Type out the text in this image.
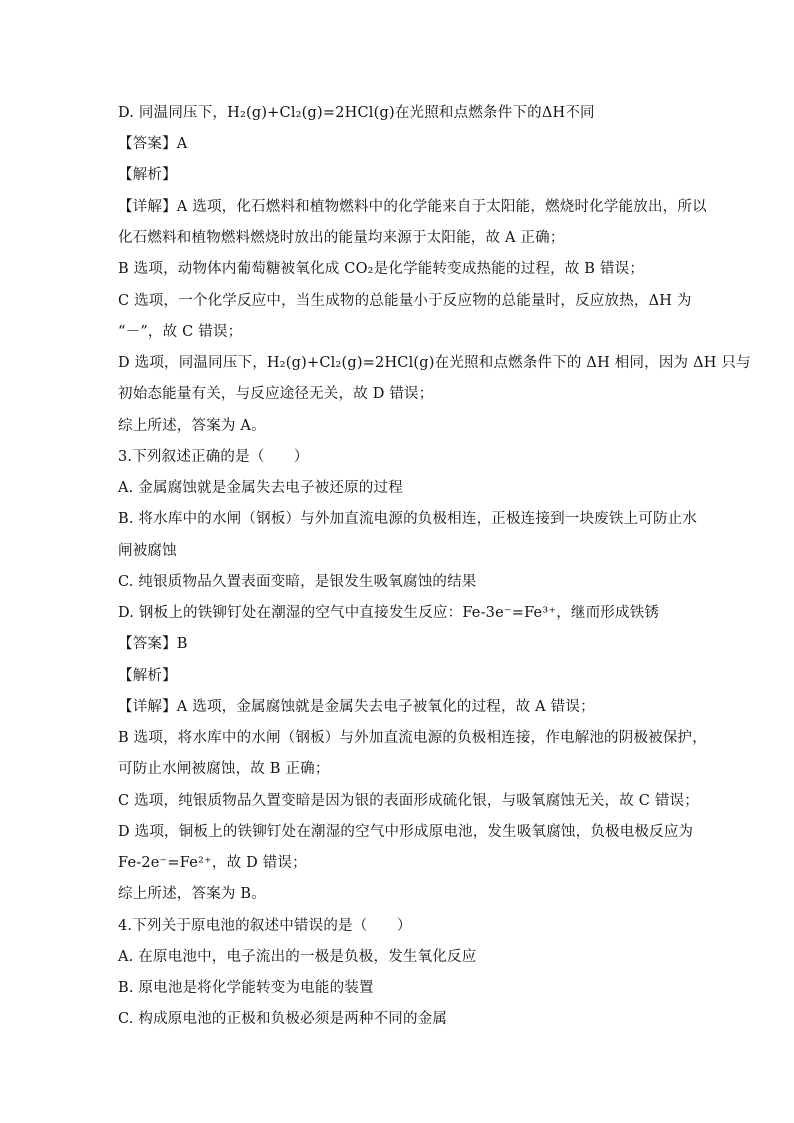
D. 同温同压下，H₂(g)+Cl₂(g)=2HCl(g)在光照和点燃条件下的ΔH不同
【答案】A
【解析】
【详解】A 选项，化石燃料和植物燃料中的化学能来自于太阳能，燃烧时化学能放出，所以
化石燃料和植物燃料燃烧时放出的能量均来源于太阳能，故 A 正确；
B 选项，动物体内葡萄糖被氧化成 CO₂是化学能转变成热能的过程，故 B 错误；
C 选项，一个化学反应中，当生成物的总能量小于反应物的总能量时，反应放热，ΔH 为
“－”，故 C 错误；
D 选项，同温同压下，H₂(g)+Cl₂(g)=2HCl(g)在光照和点燃条件下的 ΔH 相同，因为 ΔH 只与
初始态能量有关，与反应途径无关，故 D 错误；
综上所述，答案为 A。
3.下列叙述正确的是（　　）
A. 金属腐蚀就是金属失去电子被还原的过程
B. 将水库中的水闸（钢板）与外加直流电源的负极相连，正极连接到一块废铁上可防止水
闸被腐蚀
C. 纯银质物品久置表面变暗，是银发生吸氧腐蚀的结果
D. 钢板上的铁铆钉处在潮湿的空气中直接发生反应：Fe-3e⁻=Fe³⁺，继而形成铁锈
【答案】B
【解析】
【详解】A 选项，金属腐蚀就是金属失去电子被氧化的过程，故 A 错误；
B 选项，将水库中的水闸（钢板）与外加直流电源的负极相连接，作电解池的阴极被保护，
可防止水闸被腐蚀，故 B 正确；
C 选项，纯银质物品久置变暗是因为银的表面形成硫化银，与吸氧腐蚀无关，故 C 错误；
D 选项，铜板上的铁铆钉处在潮湿的空气中形成原电池，发生吸氧腐蚀，负极电极反应为
Fe-2e⁻=Fe²⁺，故 D 错误；
综上所述，答案为 B。
4.下列关于原电池的叙述中错误的是（　　）
A. 在原电池中，电子流出的一极是负极，发生氧化反应
B. 原电池是将化学能转变为电能的装置
C. 构成原电池的正极和负极必须是两种不同的金属
